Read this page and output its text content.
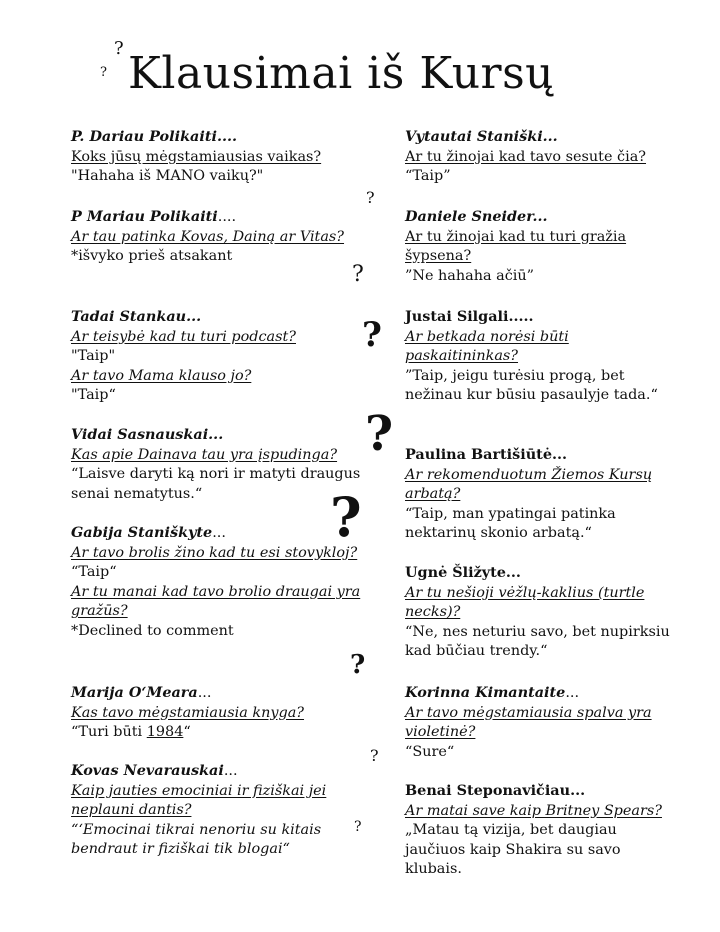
Klausimai iš Kursų
?
?
?
?
?
?
?
?
?
?
P. Dariau Polikaiti....
Koks jūsų mėgstamiausias vaikas?
"Hahaha iš MANO vaikų?"
P Mariau Polikaiti....
Ar tau patinka Kovas, Dainą ar Vitas?
*išvyko prieš atsakant
Tadai Stankau...
Ar teisybė kad tu turi podcast?
"Taip"
Ar tavo Mama klauso jo?
"Taip“
Vidai Sasnauskai...
Kas apie Dainava tau yra įspudinga?
“Laisve daryti ką nori ir matyti draugus senai nematytus.“
Gabija Staniškyte...
Ar tavo brolis žino kad tu esi stovykloj?
“Taip“
Ar tu manai kad tavo brolio draugai yra gražūs?
*Declined to comment
Marija O‘Meara...
Kas tavo mėgstamiausia knyga?
“Turi būti 1984“
Kovas Nevarauskai...
Kaip jauties emociniai ir fiziškai jei neplauni dantis?
“‘Emocinai tikrai nenoriu su kitais bendraut ir fiziškai tik blogai“
Vytautai Staniški...
Ar tu žinojai kad tavo sesute čia?
“Taip”
Daniele Sneider...
Ar tu žinojai kad tu turi gražia šypsena?
”Ne hahaha ačiū”
Justai Silgali.....
Ar betkada norėsi būti paskaitininkas?
”Taip, jeigu turėsiu progą, bet nežinau kur būsiu pasaulyje tada.“
Paulina Bartišiūtė...
Ar rekomenduotum Žiemos Kursų arbatą?
“Taip, man ypatingai patinka nektarinų skonio arbatą.“
Ugnė Šližyte...
Ar tu nešioji vėžlų-kaklius (turtle necks)?
“Ne, nes neturiu savo, bet nupirksiu kad būčiau trendy.“
Korinna Kimantaite...
Ar tavo mėgstamiausia spalva yra violetinė?
“Sure“
Benai Steponavičiau...
Ar matai save kaip Britney Spears?
„Matau tą vizija, bet daugiau jaučiuos kaip Shakira su savo klubais.
